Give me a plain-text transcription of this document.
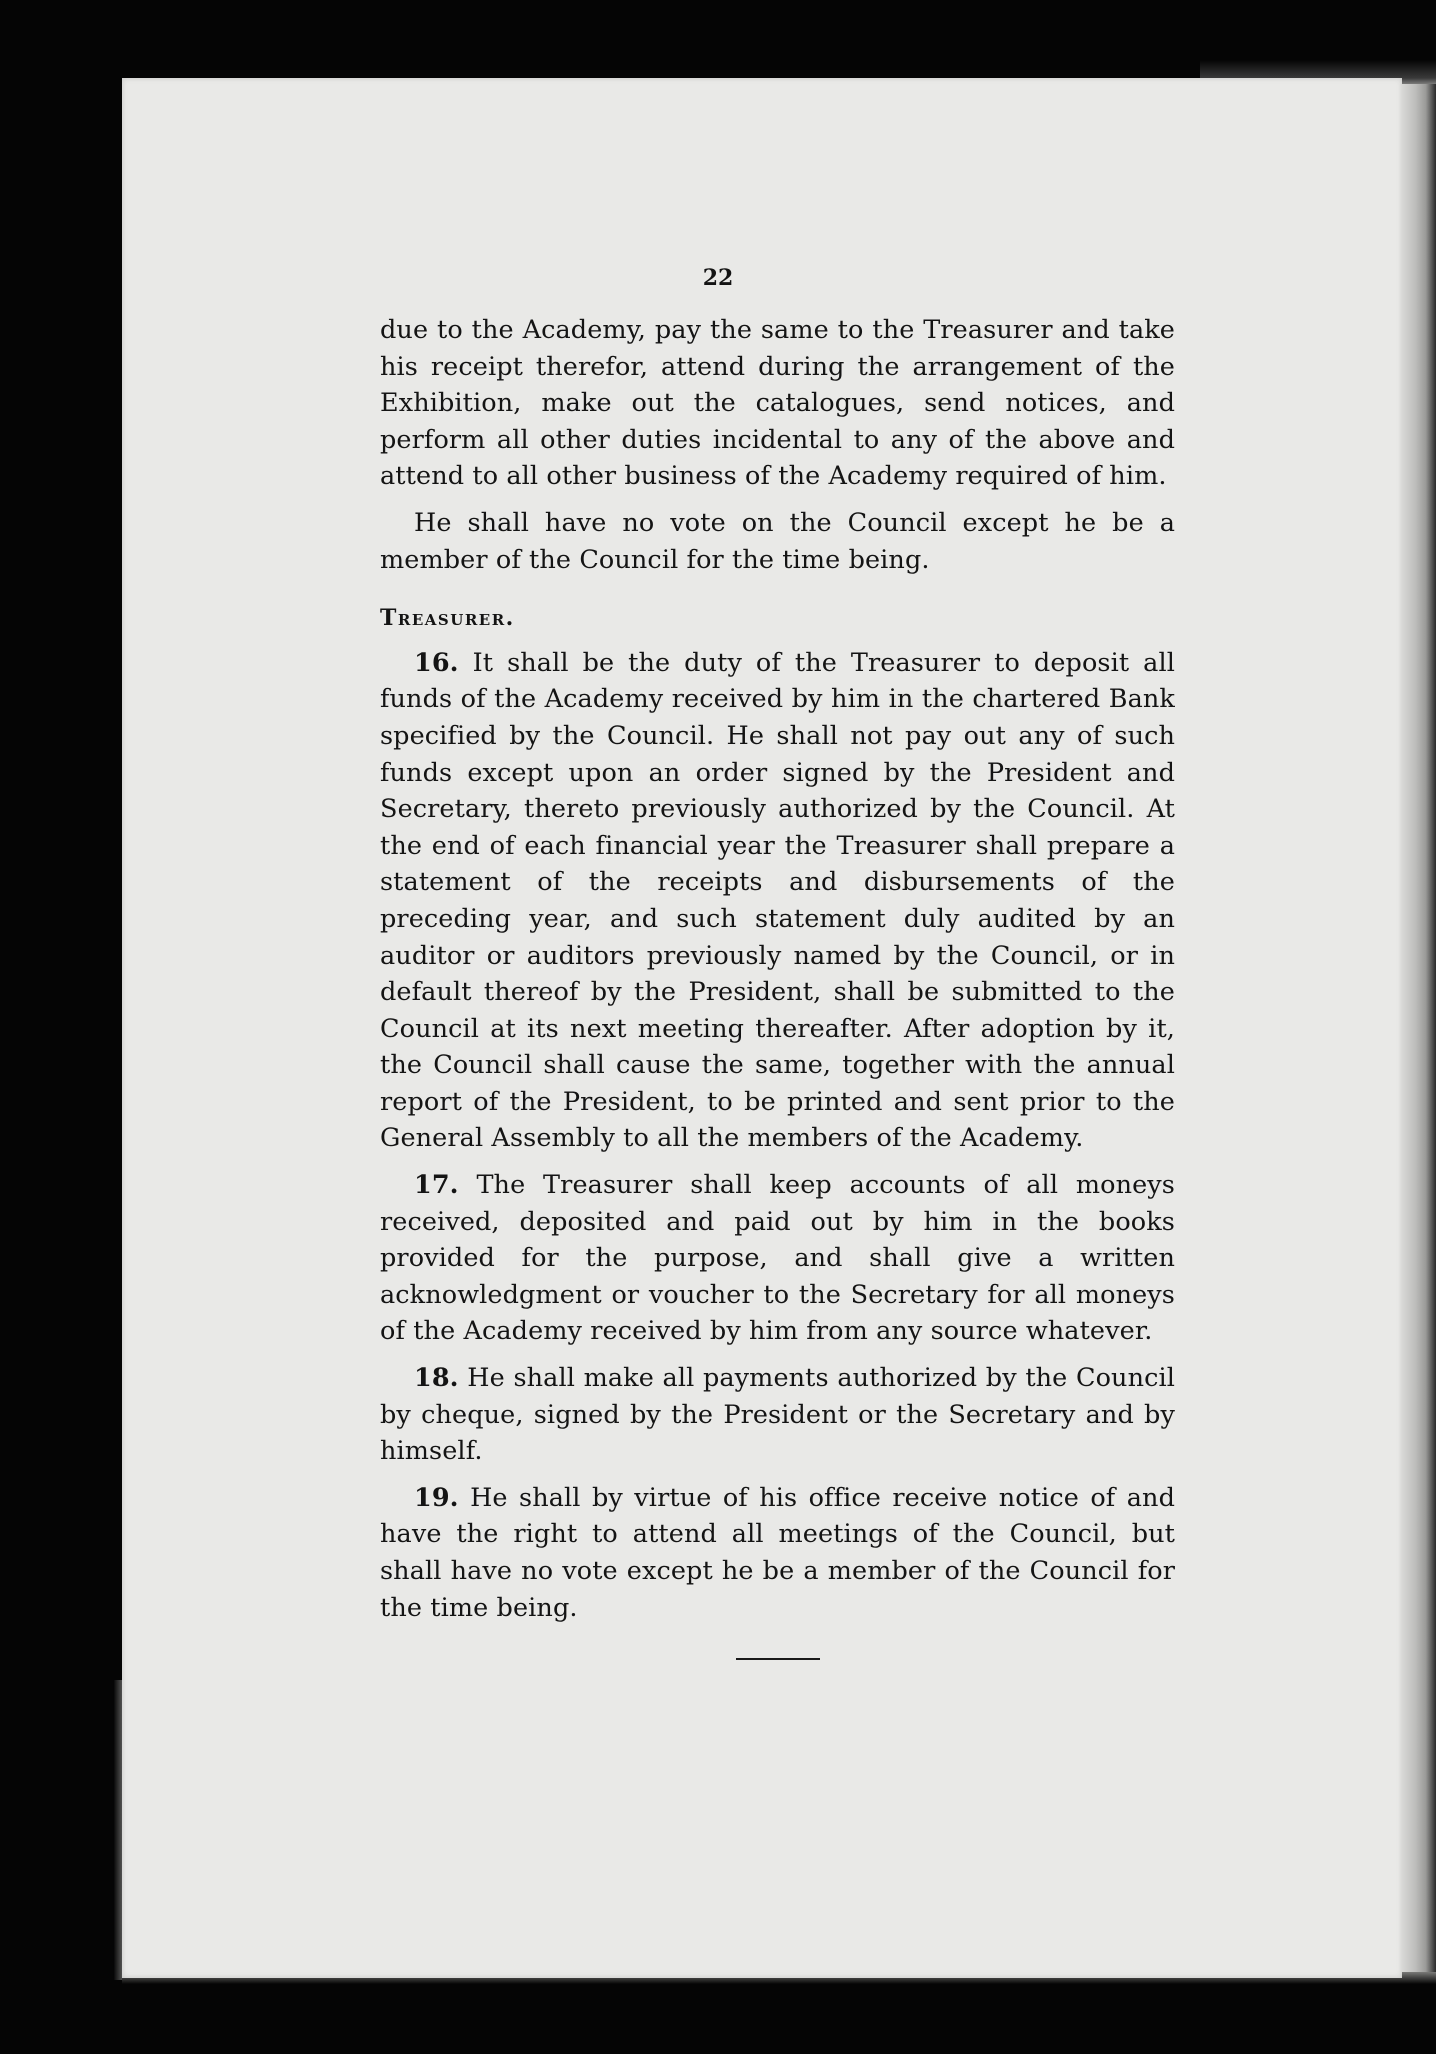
22

due to the Academy, pay the same to the Treasurer and take his receipt therefor, attend during the arrangement of the Exhibition, make out the catalogues, send notices, and perform all other duties incidental to any of the above and attend to all other business of the Academy required of him.

He shall have no vote on the Council except he be a member of the Council for the time being.

Treasurer.

16. It shall be the duty of the Treasurer to deposit all funds of the Academy received by him in the chartered Bank specified by the Council. He shall not pay out any of such funds except upon an order signed by the President and Secretary, thereto previously authorized by the Council. At the end of each financial year the Treasurer shall prepare a statement of the receipts and disbursements of the preceding year, and such statement duly audited by an auditor or auditors previously named by the Council, or in default thereof by the President, shall be submitted to the Council at its next meeting thereafter. After adoption by it, the Council shall cause the same, together with the annual report of the President, to be printed and sent prior to the General Assembly to all the members of the Academy.

17. The Treasurer shall keep accounts of all moneys received, deposited and paid out by him in the books provided for the purpose, and shall give a written acknowledgment or voucher to the Secretary for all moneys of the Academy received by him from any source whatever.

18. He shall make all payments authorized by the Council by cheque, signed by the President or the Secretary and by himself.

19. He shall by virtue of his office receive notice of and have the right to attend all meetings of the Council, but shall have no vote except he be a member of the Council for the time being.
